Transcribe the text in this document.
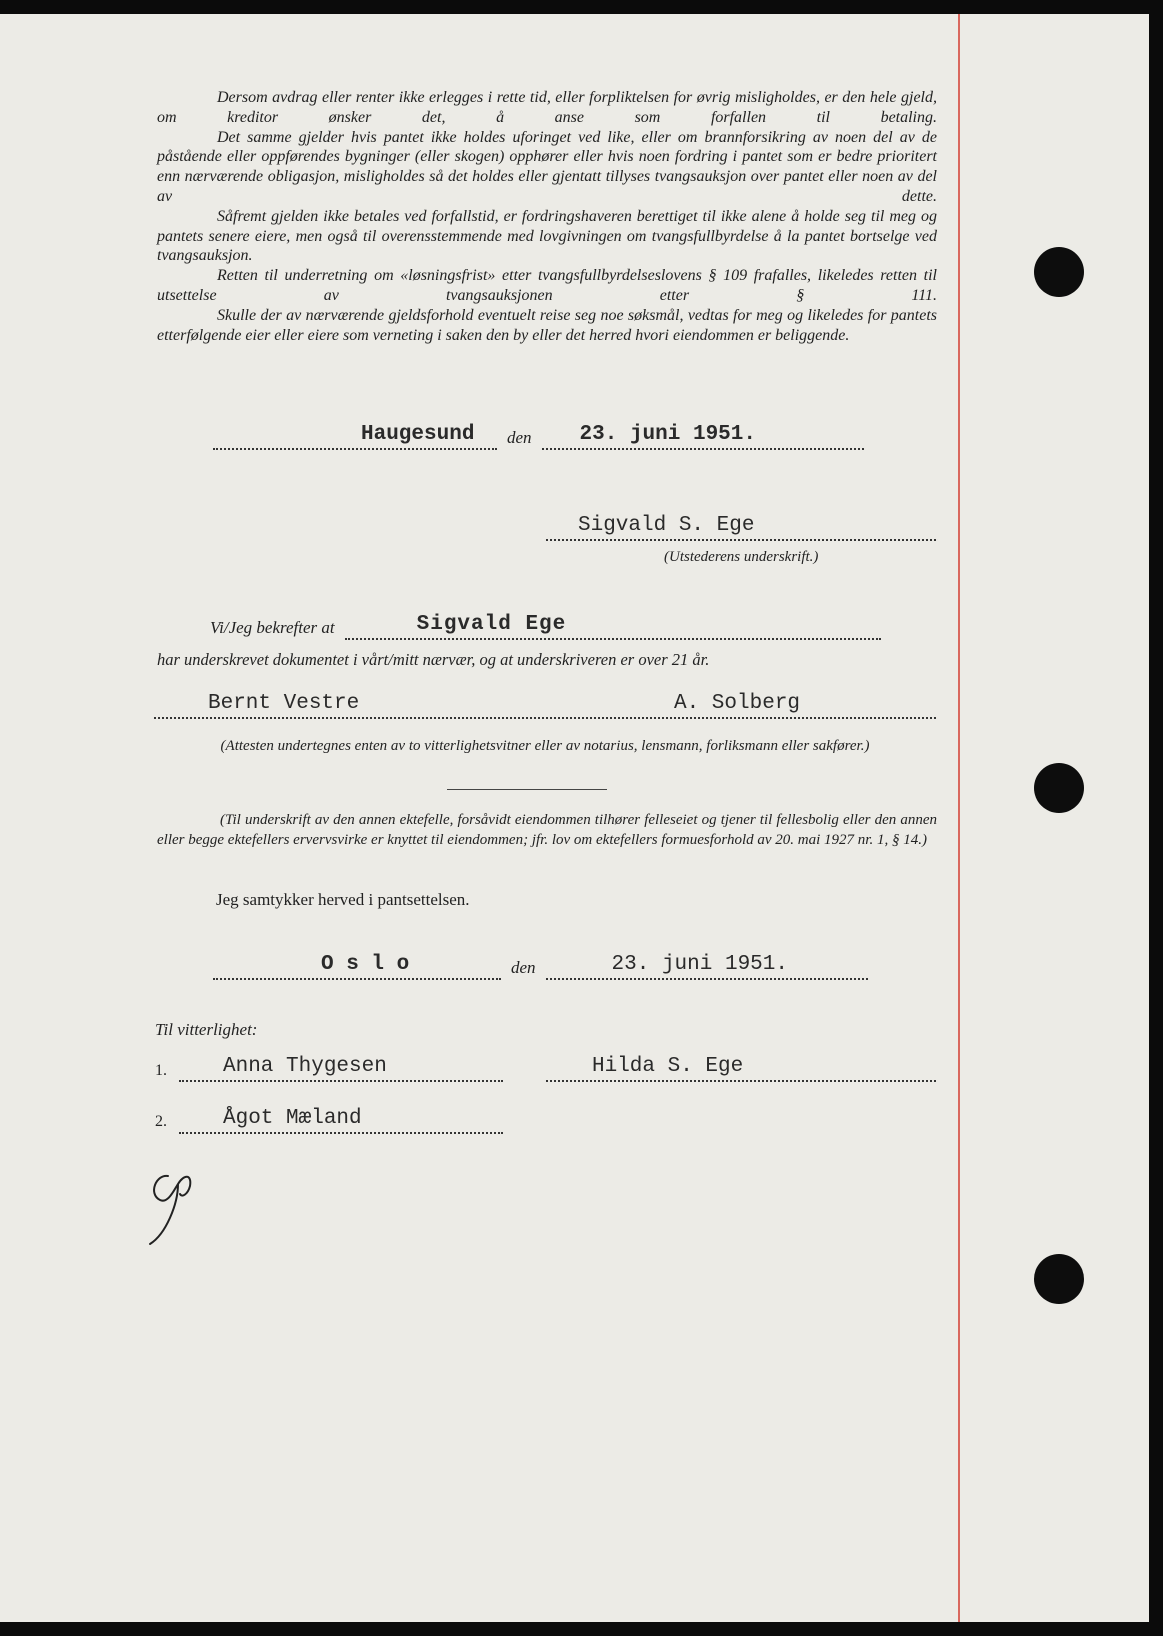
Dersom avdrag eller renter ikke erlegges i rette tid, eller forpliktelsen for øvrig misligholdes, er den hele gjeld, om kreditor ønsker det, å anse som forfallen til betaling.

Det samme gjelder hvis pantet ikke holdes uforinget ved like, eller om brannforsikring av noen del av de påstående eller oppførendes bygninger (eller skogen) opphører eller hvis noen fordring i pantet som er bedre prioritert enn nærværende obligasjon, misligholdes så det holdes eller gjentatt tillyses tvangsauksjon over pantet eller noen av del av dette.

Såfremt gjelden ikke betales ved forfallstid, er fordringshaveren berettiget til ikke alene å holde seg til meg og pantets senere eiere, men også til overensstemmende med lovgivningen om tvangsfullbyrdelse å la pantet bortselge ved tvangsauksjon.

Retten til underretning om «løsningsfrist» etter tvangsfullbyrdelseslovens § 109 frafalles, likeledes retten til utsettelse av tvangsauksjonen etter § 111.

Skulle der av nærværende gjeldsforhold eventuelt reise seg noe søksmål, vedtas for meg og likeledes for pantets etterfølgende eier eller eiere som verneting i saken den by eller det herred hvori eiendommen er beliggende.

Haugesund	den	23. juni 1951.
Sigvald S. Ege
(Utstederens underskrift.)
Vi/Jeg bekrefter at	Sigvald Ege
har underskrevet dokumentet i vårt/mitt nærvær, og at underskriveren er over 21 år.
Bernt Vestre	A. Solberg
(Attesten undertegnes enten av to vitterlighetsvitner eller av notarius, lensmann, forliksmann eller sakfører.)
(Til underskrift av den annen ektefelle, forsåvidt eiendommen tilhører felleseiet og tjener til fellesbolig eller den annen eller begge ektefellers ervervsvirke er knyttet til eiendommen; jfr. lov om ektefellers formuesforhold av 20. mai 1927 nr. 1, § 14.)
Jeg samtykker herved i pantsettelsen.
O s l o	den	23. juni 1951.
Til vitterlighet:
1.	Anna Thygesen	Hilda S. Ege
2.	Ågot Mæland
